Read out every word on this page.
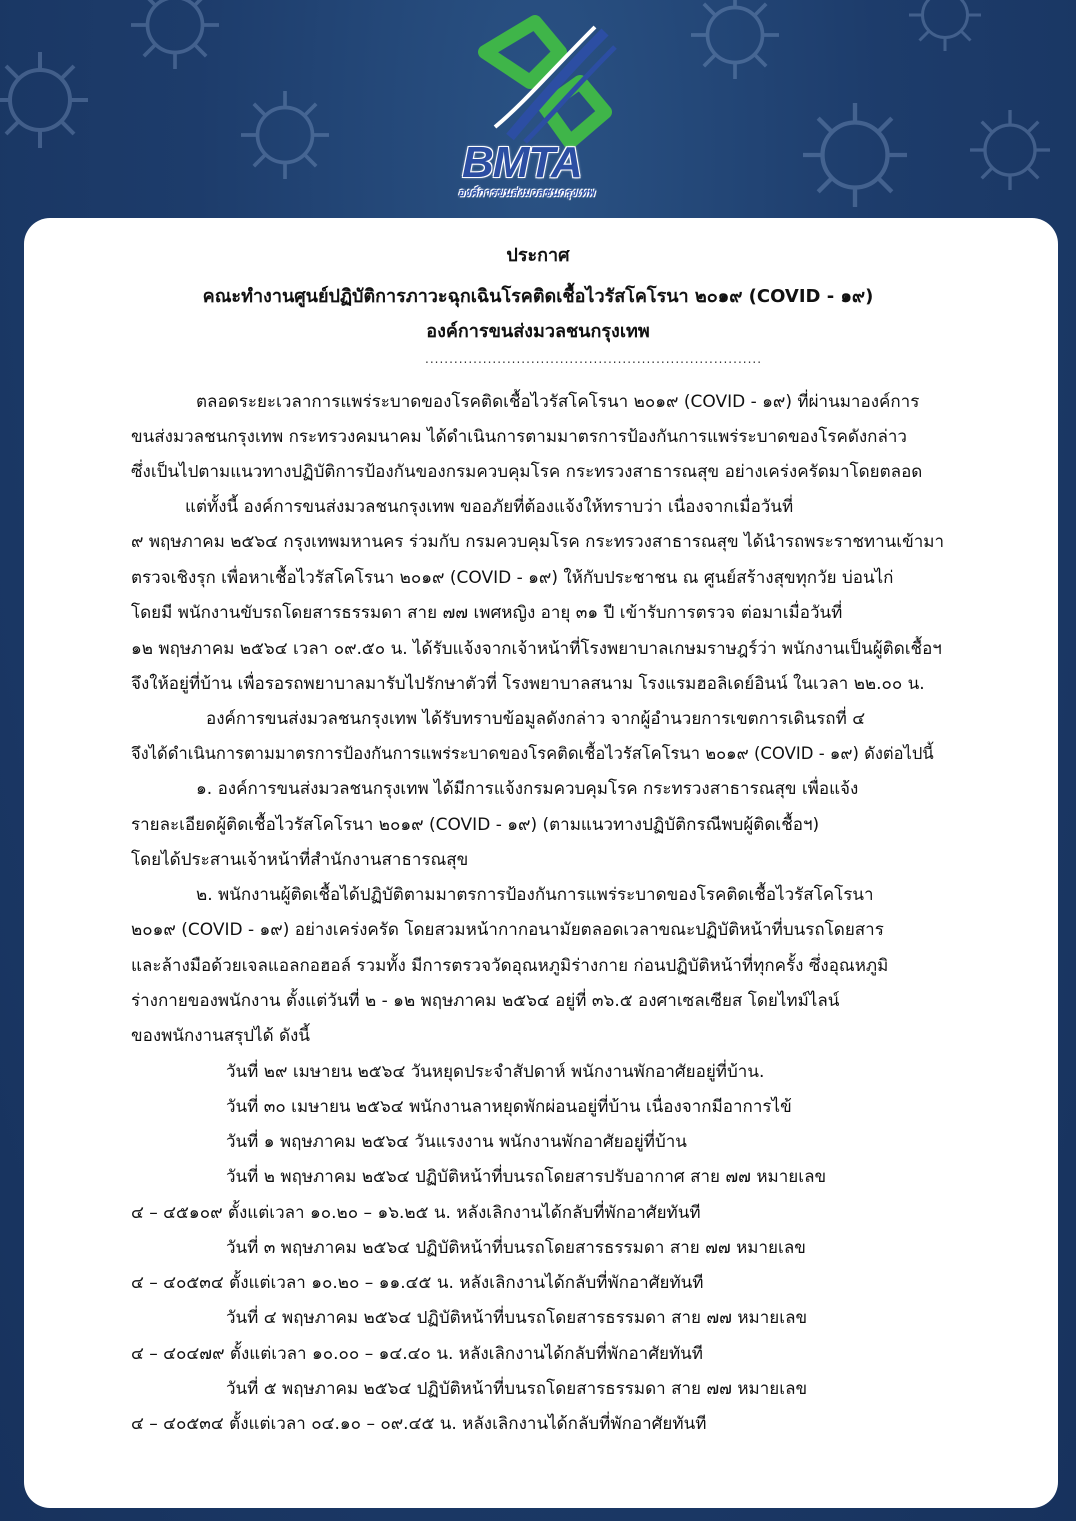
BMTA
องค์การขนส่งมวลชนกรุงเทพ
ประกาศ
คณะทำงานศูนย์ปฏิบัติการภาวะฉุกเฉินโรคติดเชื้อไวรัสโคโรนา ๒๐๑๙ (COVID - ๑๙)
องค์การขนส่งมวลชนกรุงเทพ
......................................................................
ตลอดระยะเวลาการแพร่ระบาดของโรคติดเชื้อไวรัสโคโรนา ๒๐๑๙ (COVID - ๑๙) ที่ผ่านมาองค์การ
ขนส่งมวลชนกรุงเทพ กระทรวงคมนาคม ได้ดำเนินการตามมาตรการป้องกันการแพร่ระบาดของโรคดังกล่าว
ซึ่งเป็นไปตามแนวทางปฏิบัติการป้องกันของกรมควบคุมโรค กระทรวงสาธารณสุข อย่างเคร่งครัดมาโดยตลอด
แต่ทั้งนี้ องค์การขนส่งมวลชนกรุงเทพ ขออภัยที่ต้องแจ้งให้ทราบว่า เนื่องจากเมื่อวันที่
๙ พฤษภาคม ๒๕๖๔ กรุงเทพมหานคร ร่วมกับ กรมควบคุมโรค กระทรวงสาธารณสุข ได้นำรถพระราชทานเข้ามา
ตรวจเชิงรุก เพื่อหาเชื้อไวรัสโคโรนา ๒๐๑๙ (COVID - ๑๙) ให้กับประชาชน ณ ศูนย์สร้างสุขทุกวัย บ่อนไก่
โดยมี พนักงานขับรถโดยสารธรรมดา สาย ๗๗ เพศหญิง อายุ ๓๑ ปี เข้ารับการตรวจ ต่อมาเมื่อวันที่
๑๒ พฤษภาคม ๒๕๖๔ เวลา ๐๙.๕๐ น. ได้รับแจ้งจากเจ้าหน้าที่โรงพยาบาลเกษมราษฎร์ว่า พนักงานเป็นผู้ติดเชื้อฯ
จึงให้อยู่ที่บ้าน เพื่อรอรถพยาบาลมารับไปรักษาตัวที่ โรงพยาบาลสนาม โรงแรมฮอลิเดย์อินน์ ในเวลา ๒๒.๐๐ น.
องค์การขนส่งมวลชนกรุงเทพ ได้รับทราบข้อมูลดังกล่าว จากผู้อำนวยการเขตการเดินรถที่ ๔
จึงได้ดำเนินการตามมาตรการป้องกันการแพร่ระบาดของโรคติดเชื้อไวรัสโคโรนา ๒๐๑๙ (COVID - ๑๙) ดังต่อไปนี้
๑. องค์การขนส่งมวลชนกรุงเทพ ได้มีการแจ้งกรมควบคุมโรค กระทรวงสาธารณสุข เพื่อแจ้ง
รายละเอียดผู้ติดเชื้อไวรัสโคโรนา ๒๐๑๙ (COVID - ๑๙) (ตามแนวทางปฏิบัติกรณีพบผู้ติดเชื้อฯ)
โดยได้ประสานเจ้าหน้าที่สำนักงานสาธารณสุข
๒. พนักงานผู้ติดเชื้อได้ปฏิบัติตามมาตรการป้องกันการแพร่ระบาดของโรคติดเชื้อไวรัสโคโรนา
๒๐๑๙ (COVID - ๑๙) อย่างเคร่งครัด โดยสวมหน้ากากอนามัยตลอดเวลาขณะปฏิบัติหน้าที่บนรถโดยสาร
และล้างมือด้วยเจลแอลกอฮอล์ รวมทั้ง มีการตรวจวัดอุณหภูมิร่างกาย ก่อนปฏิบัติหน้าที่ทุกครั้ง ซึ่งอุณหภูมิ
ร่างกายของพนักงาน ตั้งแต่วันที่ ๒ - ๑๒ พฤษภาคม ๒๕๖๔ อยู่ที่ ๓๖.๕ องศาเซลเซียส โดยไทม์ไลน์
ของพนักงานสรุปได้ ดังนี้
วันที่ ๒๙ เมษายน ๒๕๖๔ วันหยุดประจำสัปดาห์ พนักงานพักอาศัยอยู่ที่บ้าน.
วันที่ ๓๐ เมษายน ๒๕๖๔ พนักงานลาหยุดพักผ่อนอยู่ที่บ้าน เนื่องจากมีอาการไข้
วันที่ ๑ พฤษภาคม ๒๕๖๔ วันแรงงาน พนักงานพักอาศัยอยู่ที่บ้าน
วันที่ ๒ พฤษภาคม ๒๕๖๔ ปฏิบัติหน้าที่บนรถโดยสารปรับอากาศ สาย ๗๗ หมายเลข
๔ – ๔๕๑๐๙ ตั้งแต่เวลา ๑๐.๒๐ – ๑๖.๒๕ น. หลังเลิกงานได้กลับที่พักอาศัยทันที
วันที่ ๓ พฤษภาคม ๒๕๖๔ ปฏิบัติหน้าที่บนรถโดยสารธรรมดา สาย ๗๗ หมายเลข
๔ – ๔๐๕๓๔ ตั้งแต่เวลา ๑๐.๒๐ – ๑๑.๔๕ น. หลังเลิกงานได้กลับที่พักอาศัยทันที
วันที่ ๔ พฤษภาคม ๒๕๖๔ ปฏิบัติหน้าที่บนรถโดยสารธรรมดา สาย ๗๗ หมายเลข
๔ – ๔๐๔๗๙ ตั้งแต่เวลา ๑๐.๐๐ – ๑๔.๔๐ น. หลังเลิกงานได้กลับที่พักอาศัยทันที
วันที่ ๕ พฤษภาคม ๒๕๖๔ ปฏิบัติหน้าที่บนรถโดยสารธรรมดา สาย ๗๗ หมายเลข
๔ – ๔๐๕๓๔ ตั้งแต่เวลา ๐๔.๑๐ – ๐๙.๔๕ น. หลังเลิกงานได้กลับที่พักอาศัยทันที
